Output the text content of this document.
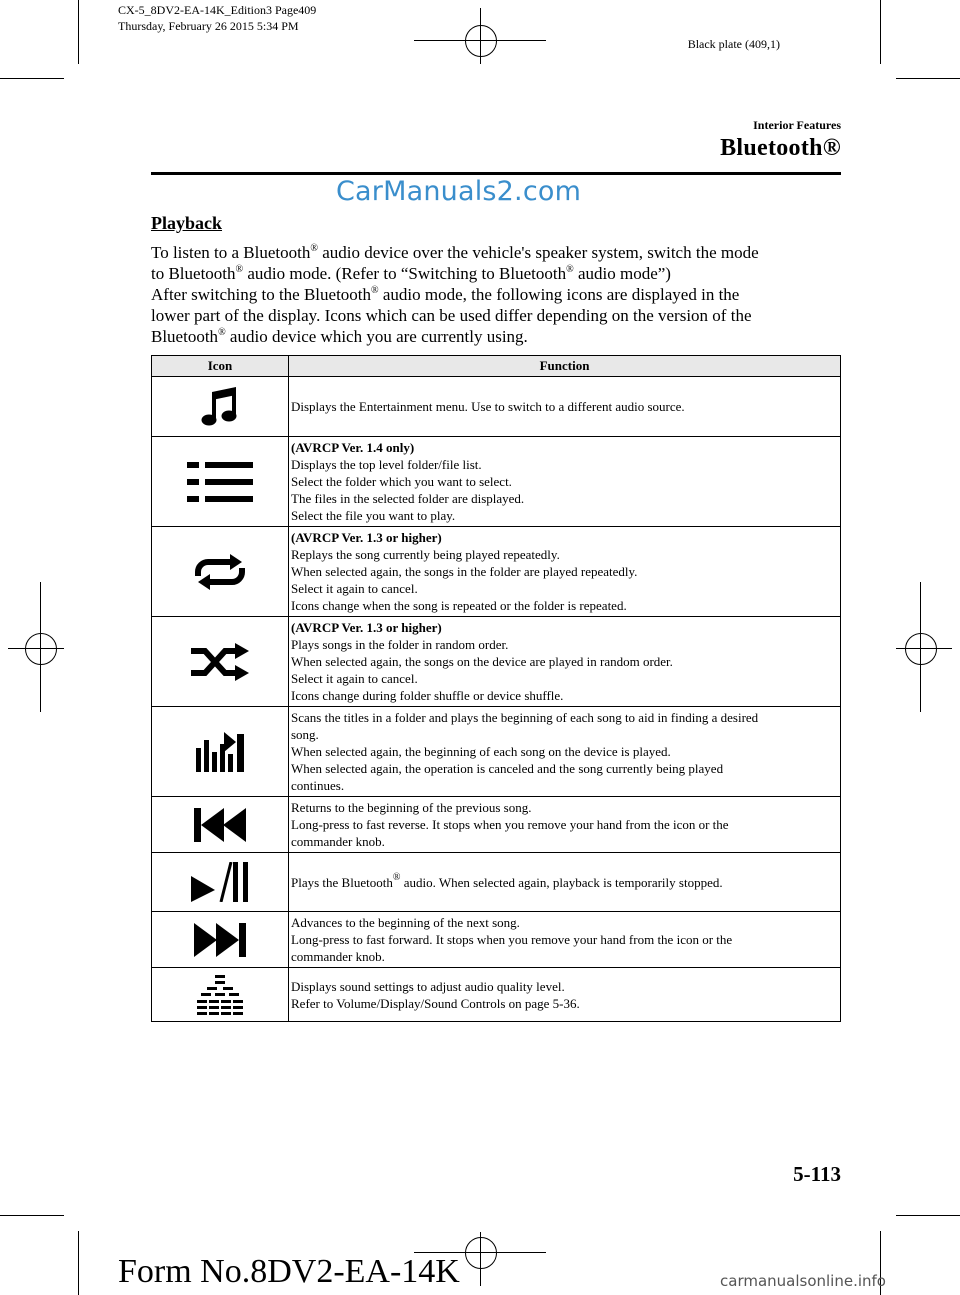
CX-5_8DV2-EA-14K_Edition3 Page409
Thursday, February 26 2015 5:34 PM
Black plate (409,1)
Interior Features
Bluetooth®
CarManuals2.com
Playback
To listen to a Bluetooth® audio device over the vehicle's speaker system, switch the mode
to Bluetooth® audio mode. (Refer to “Switching to Bluetooth® audio mode”)
After switching to the Bluetooth® audio mode, the following icons are displayed in the
lower part of the display. Icons which can be used differ depending on the version of the
Bluetooth® audio device which you are currently using.
Icon	Function

Displays the Entertainment menu. Use to switch to a different audio source.

(AVRCP Ver. 1.4 only)
Displays the top level folder/file list.
Select the folder which you want to select.
The files in the selected folder are displayed.
Select the file you want to play.

(AVRCP Ver. 1.3 or higher)
Replays the song currently being played repeatedly.
When selected again, the songs in the folder are played repeatedly.
Select it again to cancel.
Icons change when the song is repeated or the folder is repeated.

(AVRCP Ver. 1.3 or higher)
Plays songs in the folder in random order.
When selected again, the songs on the device are played in random order.
Select it again to cancel.
Icons change during folder shuffle or device shuffle.

Scans the titles in a folder and plays the beginning of each song to aid in finding a desired
song.
When selected again, the beginning of each song on the device is played.
When selected again, the operation is canceled and the song currently being played
continues.

Returns to the beginning of the previous song.
Long-press to fast reverse. It stops when you remove your hand from the icon or the
commander knob.

Plays the Bluetooth® audio. When selected again, playback is temporarily stopped.

Advances to the beginning of the next song.
Long-press to fast forward. It stops when you remove your hand from the icon or the
commander knob.

Displays sound settings to adjust audio quality level.
Refer to Volume/Display/Sound Controls on page 5-36.
5-113
Form No.8DV2-EA-14K	carmanualsonline.info
